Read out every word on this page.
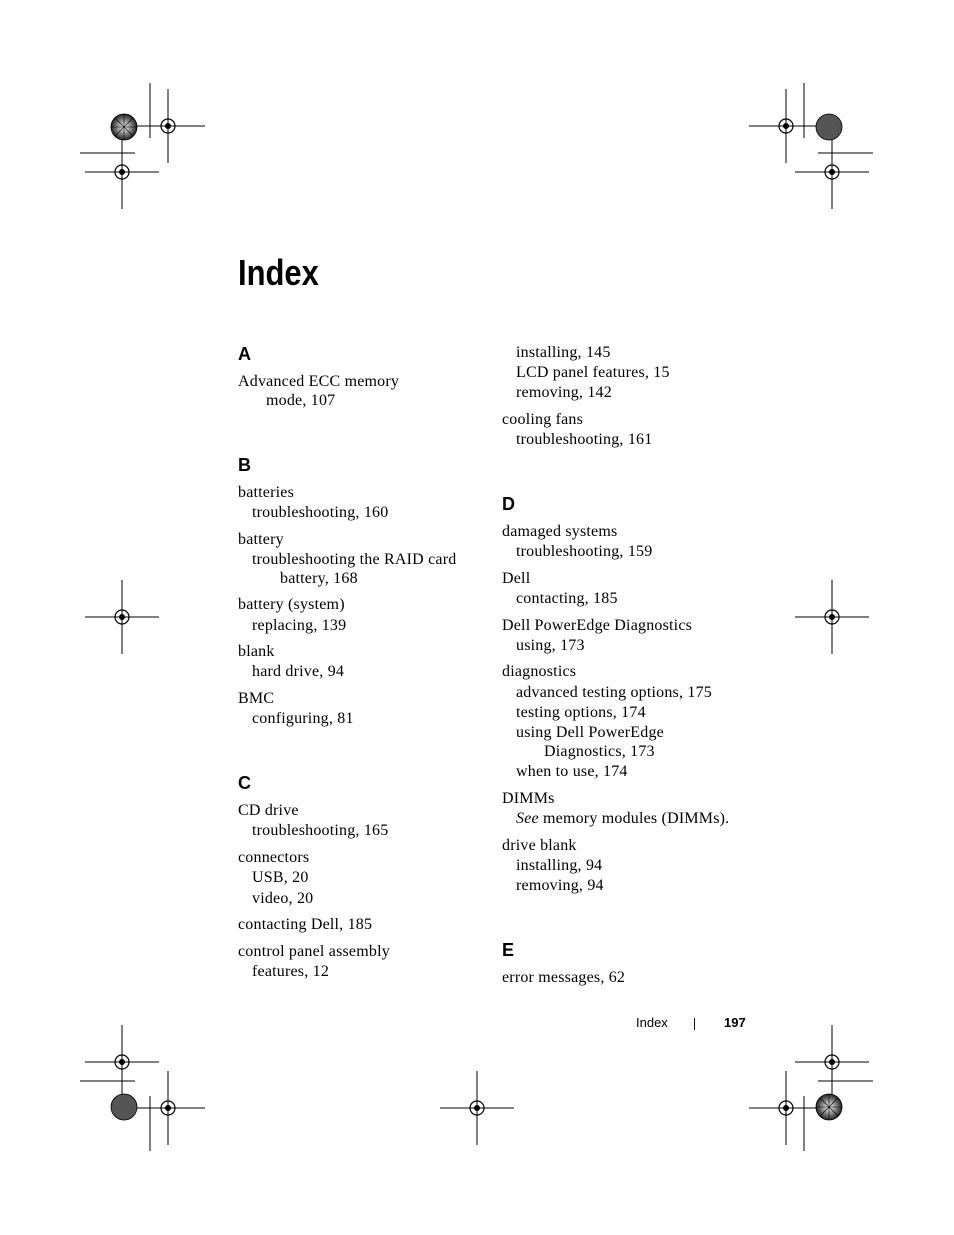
Index
A
Advanced ECC memory
mode, 107
B
batteries
troubleshooting, 160
battery
troubleshooting the RAID card
battery, 168
battery (system)
replacing, 139
blank
hard drive, 94
BMC
configuring, 81
C
CD drive
troubleshooting, 165
connectors
USB, 20
video, 20
contacting Dell, 185
control panel assembly
features, 12
installing, 145
LCD panel features, 15
removing, 142
cooling fans
troubleshooting, 161
D
damaged systems
troubleshooting, 159
Dell
contacting, 185
Dell PowerEdge Diagnostics
using, 173
diagnostics
advanced testing options, 175
testing options, 174
using Dell PowerEdge
Diagnostics, 173
when to use, 174
DIMMs
See memory modules (DIMMs).
drive blank
installing, 94
removing, 94
E
error messages, 62
Index	197
